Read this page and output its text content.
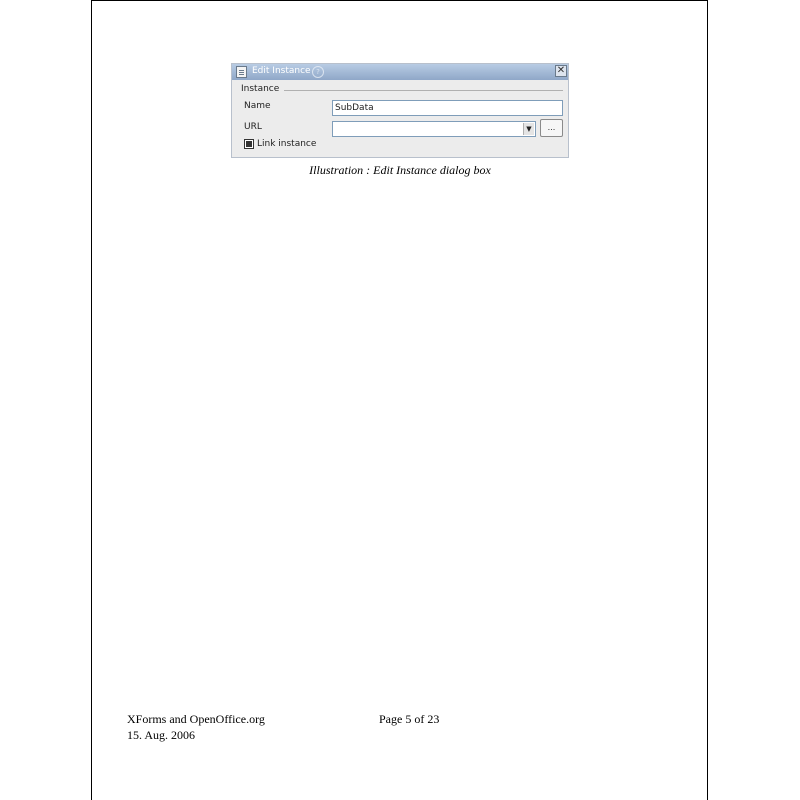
Edit Instance ?	✕
Instance
Name	SubData
URL	▼	...
Link instance
Illustration : Edit Instance dialog box
XForms and OpenOffice.org
15. Aug. 2006
Page 5 of 23
